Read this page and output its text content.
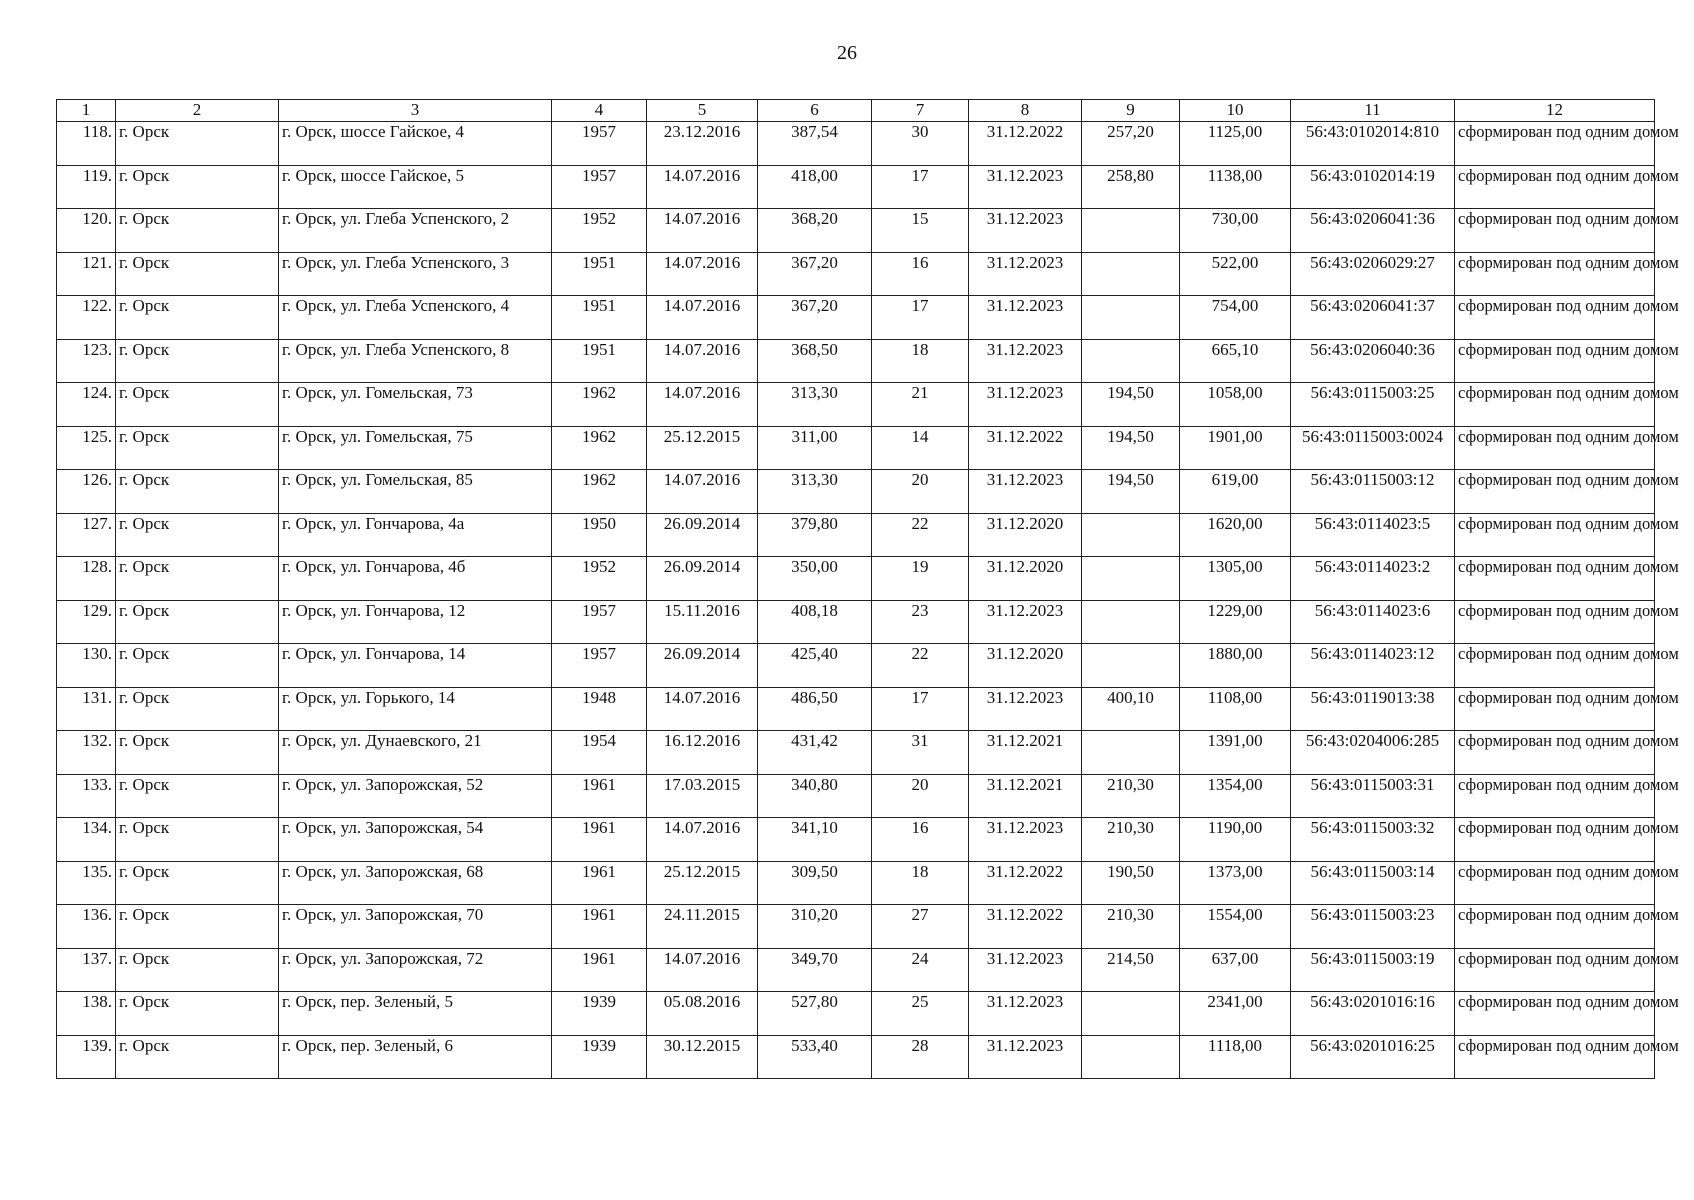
26
1	2	3	4	5	6	7	8	9	10	11	12
118.	г. Орск	г. Орск, шоссе Гайское, 4	1957	23.12.2016	387,54	30	31.12.2022	257,20	1125,00	56:43:0102014:810	сформирован под одним домом
119.	г. Орск	г. Орск, шоссе Гайское, 5	1957	14.07.2016	418,00	17	31.12.2023	258,80	1138,00	56:43:0102014:19	сформирован под одним домом
120.	г. Орск	г. Орск, ул. Глеба Успенского, 2	1952	14.07.2016	368,20	15	31.12.2023		730,00	56:43:0206041:36	сформирован под одним домом
121.	г. Орск	г. Орск, ул. Глеба Успенского, 3	1951	14.07.2016	367,20	16	31.12.2023		522,00	56:43:0206029:27	сформирован под одним домом
122.	г. Орск	г. Орск, ул. Глеба Успенского, 4	1951	14.07.2016	367,20	17	31.12.2023		754,00	56:43:0206041:37	сформирован под одним домом
123.	г. Орск	г. Орск, ул. Глеба Успенского, 8	1951	14.07.2016	368,50	18	31.12.2023		665,10	56:43:0206040:36	сформирован под одним домом
124.	г. Орск	г. Орск, ул. Гомельская, 73	1962	14.07.2016	313,30	21	31.12.2023	194,50	1058,00	56:43:0115003:25	сформирован под одним домом
125.	г. Орск	г. Орск, ул. Гомельская, 75	1962	25.12.2015	311,00	14	31.12.2022	194,50	1901,00	56:43:0115003:0024	сформирован под одним домом
126.	г. Орск	г. Орск, ул. Гомельская, 85	1962	14.07.2016	313,30	20	31.12.2023	194,50	619,00	56:43:0115003:12	сформирован под одним домом
127.	г. Орск	г. Орск, ул. Гончарова, 4а	1950	26.09.2014	379,80	22	31.12.2020		1620,00	56:43:0114023:5	сформирован под одним домом
128.	г. Орск	г. Орск, ул. Гончарова, 4б	1952	26.09.2014	350,00	19	31.12.2020		1305,00	56:43:0114023:2	сформирован под одним домом
129.	г. Орск	г. Орск, ул. Гончарова, 12	1957	15.11.2016	408,18	23	31.12.2023		1229,00	56:43:0114023:6	сформирован под одним домом
130.	г. Орск	г. Орск, ул. Гончарова, 14	1957	26.09.2014	425,40	22	31.12.2020		1880,00	56:43:0114023:12	сформирован под одним домом
131.	г. Орск	г. Орск, ул. Горького, 14	1948	14.07.2016	486,50	17	31.12.2023	400,10	1108,00	56:43:0119013:38	сформирован под одним домом
132.	г. Орск	г. Орск, ул. Дунаевского, 21	1954	16.12.2016	431,42	31	31.12.2021		1391,00	56:43:0204006:285	сформирован под одним домом
133.	г. Орск	г. Орск, ул. Запорожская, 52	1961	17.03.2015	340,80	20	31.12.2021	210,30	1354,00	56:43:0115003:31	сформирован под одним домом
134.	г. Орск	г. Орск, ул. Запорожская, 54	1961	14.07.2016	341,10	16	31.12.2023	210,30	1190,00	56:43:0115003:32	сформирован под одним домом
135.	г. Орск	г. Орск, ул. Запорожская, 68	1961	25.12.2015	309,50	18	31.12.2022	190,50	1373,00	56:43:0115003:14	сформирован под одним домом
136.	г. Орск	г. Орск, ул. Запорожская, 70	1961	24.11.2015	310,20	27	31.12.2022	210,30	1554,00	56:43:0115003:23	сформирован под одним домом
137.	г. Орск	г. Орск, ул. Запорожская, 72	1961	14.07.2016	349,70	24	31.12.2023	214,50	637,00	56:43:0115003:19	сформирован под одним домом
138.	г. Орск	г. Орск, пер. Зеленый, 5	1939	05.08.2016	527,80	25	31.12.2023		2341,00	56:43:0201016:16	сформирован под одним домом
139.	г. Орск	г. Орск, пер. Зеленый, 6	1939	30.12.2015	533,40	28	31.12.2023		1118,00	56:43:0201016:25	сформирован под одним домом
